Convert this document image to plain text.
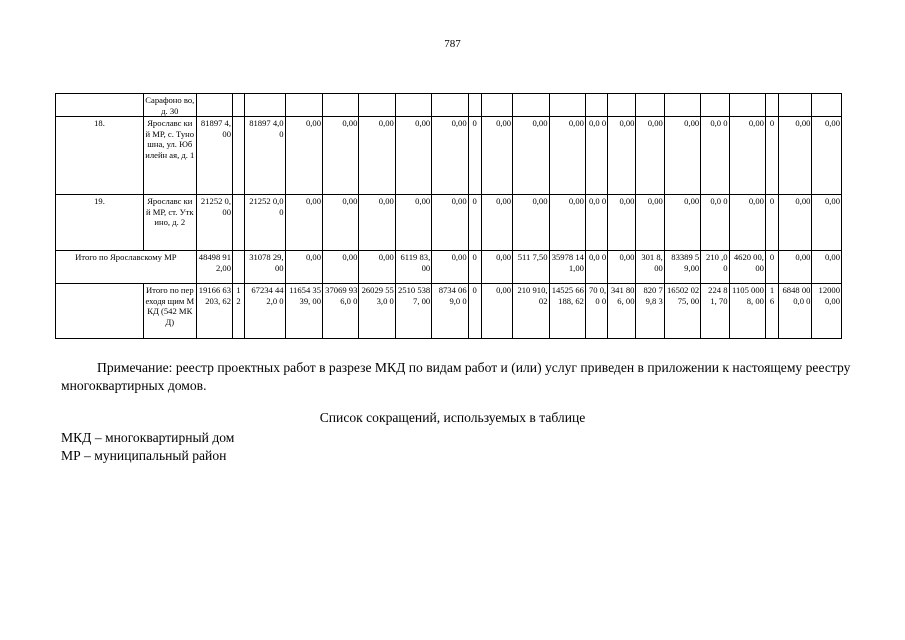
787
	Сарафоно во, д. 30																					
18.	Ярославс кий МР, с. Туношна, ул. Юбилейн ая, д. 1	81897 4,00		81897 4,00	0,00	0,00	0,00	0,00	0,00	0	0,00	0,00	0,00	0,0 0	0,00	0,00	0,00	0,0 0	0,00	0	0,00	0,00
19.	Ярославс кий МР, ст. Уткино, д. 2	21252 0,00		21252 0,00	0,00	0,00	0,00	0,00	0,00	0	0,00	0,00	0,00	0,0 0	0,00	0,00	0,00	0,0 0	0,00	0	0,00	0,00
Итого по Ярославскому МР		48498 912,00		31078 29,00	0,00	0,00	0,00	6119 83,00	0,00	0	0,00	511 7,50	35978 141,00	0,0 0	0,00	301 8,00	83389 59,00	210 ,00	4620 00,00	0	0,00	0,00
	Итого по переходя щим МКД (542 МКД)	19166 63203, 62	1 2	67234 442,0 0	11654 3539, 00	37069 936,0 0	26029 553,0 0	2510 5387, 00	8734 069,0 0	0	0,00	210 910, 02	14525 66188, 62	70 0,0 0	341 806, 00	820 79,8 3	16502 0275, 00	224 81, 70	1105 0008, 00	1 6	6848 000,0 0	12000 0,00
Примечание: реестр проектных работ в разрезе МКД по видам работ и (или) услуг приведен в приложении к настоящему реестру многоквартирных домов.
Список сокращений, используемых в таблице
МКД – многоквартирный дом
МР – муниципальный район
